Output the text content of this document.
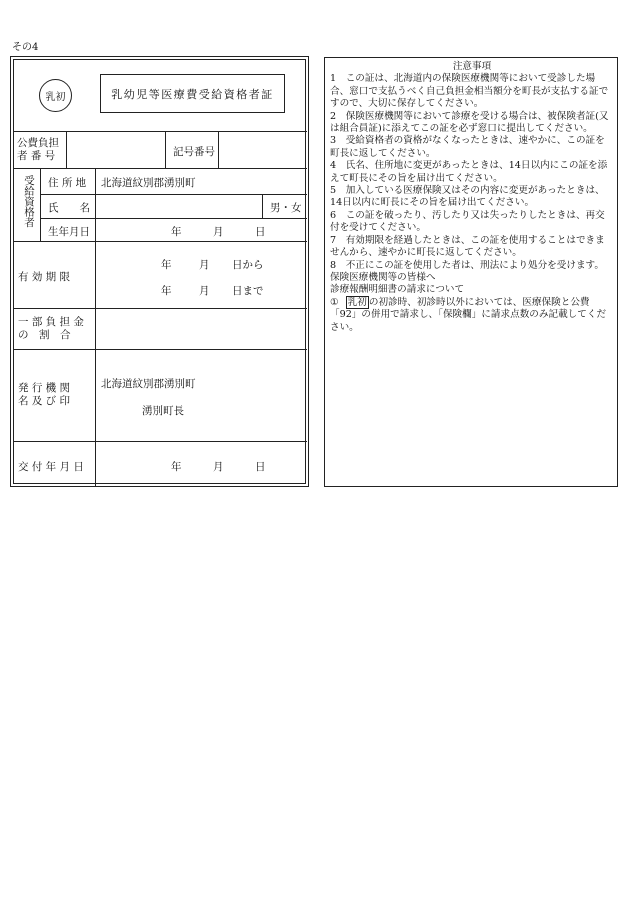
その4
乳初	乳幼児等医療費受給資格者証
公費負担
者 番 号	記号番号
受給資格者 住 所 地 北海道紋別郡湧別町
氏　　名	男・女
生年月日	年	月	日
有 効 期 限
年	月 日から
年	月 日まで
一 部 負 担 金
の　割　合
発 行 機 関
名 及 び 印
北海道紋別郡湧別町
湧別町長
交 付 年 月 日	年	月	日

注意事項

1　この証は、北海道内の保険医療機関等において受診した場合、窓口で支払うべく自己負担金相当額分を町長が支払する証ですので、大切に保存してください。

2　保険医療機関等において診療を受ける場合は、被保険者証(又は組合員証)に添えてこの証を必ず窓口に提出してください。

3　受給資格者の資格がなくなったときは、速やかに、この証を町長に返してください。

4　氏名、住所地に変更があったときは、14日以内にこの証を添えて町長にその旨を届け出てください。

5　加入している医療保険又はその内容に変更があったときは、14日以内に町長にその旨を届け出てください。

6　この証を破ったり、汚したり又は失ったりしたときは、再交付を受けてください。

7　有効期限を経過したときは、この証を使用することはできませんから、速やかに町長に返してください。

8　不正にこの証を使用した者は、刑法により処分を受けます。

保険医療機関等の皆様へ

診療報酬明細書の請求について

① 乳初 の初診時、初診時以外においては、医療保険と公費「92」の併用で請求し、「保険欄」に請求点数のみ記載してください。
